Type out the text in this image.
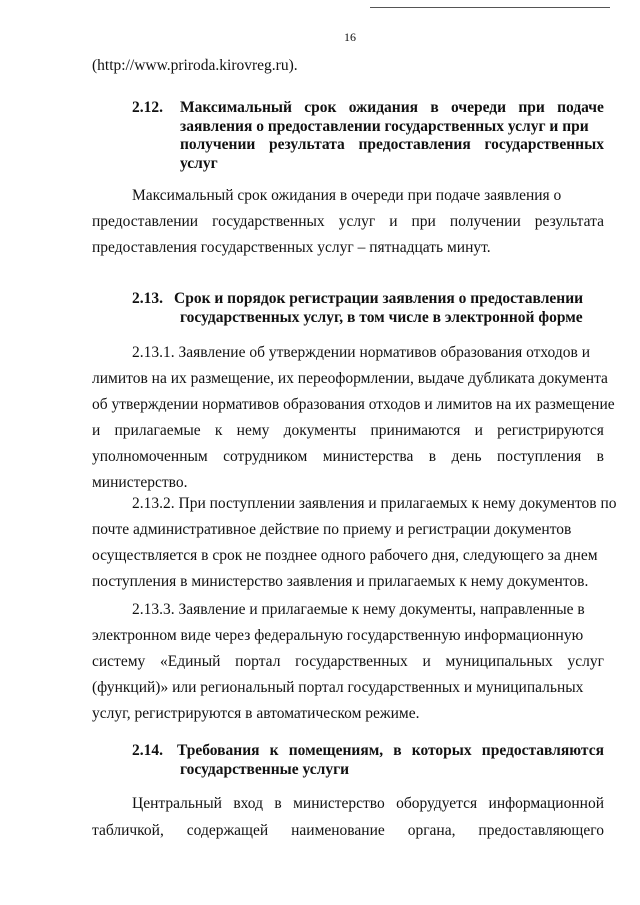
16
(http://www.priroda.kirovreg.ru).
2.12. Максимальный срок ожидания в очереди при подаче
заявления о предоставлении государственных услуг и при
получении результата предоставления государственных
услуг
Максимальный срок ожидания в очереди при подаче заявления о
предоставлении государственных услуг и при получении результата
предоставления государственных услуг – пятнадцать минут.
2.13. Срок и порядок регистрации заявления о предоставлении
государственных услуг, в том числе в электронной форме
2.13.1. Заявление об утверждении нормативов образования отходов и
лимитов на их размещение, их переоформлении, выдаче дубликата документа
об утверждении нормативов образования отходов и лимитов на их размещение
и прилагаемые к нему документы принимаются и регистрируются
уполномоченным сотрудником министерства в день поступления в
министерство.
2.13.2. При поступлении заявления и прилагаемых к нему документов по
почте административное действие по приему и регистрации документов
осуществляется в срок не позднее одного рабочего дня, следующего за днем
поступления в министерство заявления и прилагаемых к нему документов.
2.13.3. Заявление и прилагаемые к нему документы, направленные в
электронном виде через федеральную государственную информационную
систему «Единый портал государственных и муниципальных услуг
(функций)» или региональный портал государственных и муниципальных
услуг, регистрируются в автоматическом режиме.
2.14. Требования к помещениям, в которых предоставляются
государственные услуги
Центральный вход в министерство оборудуется информационной
табличкой, содержащей наименование органа, предоставляющего
